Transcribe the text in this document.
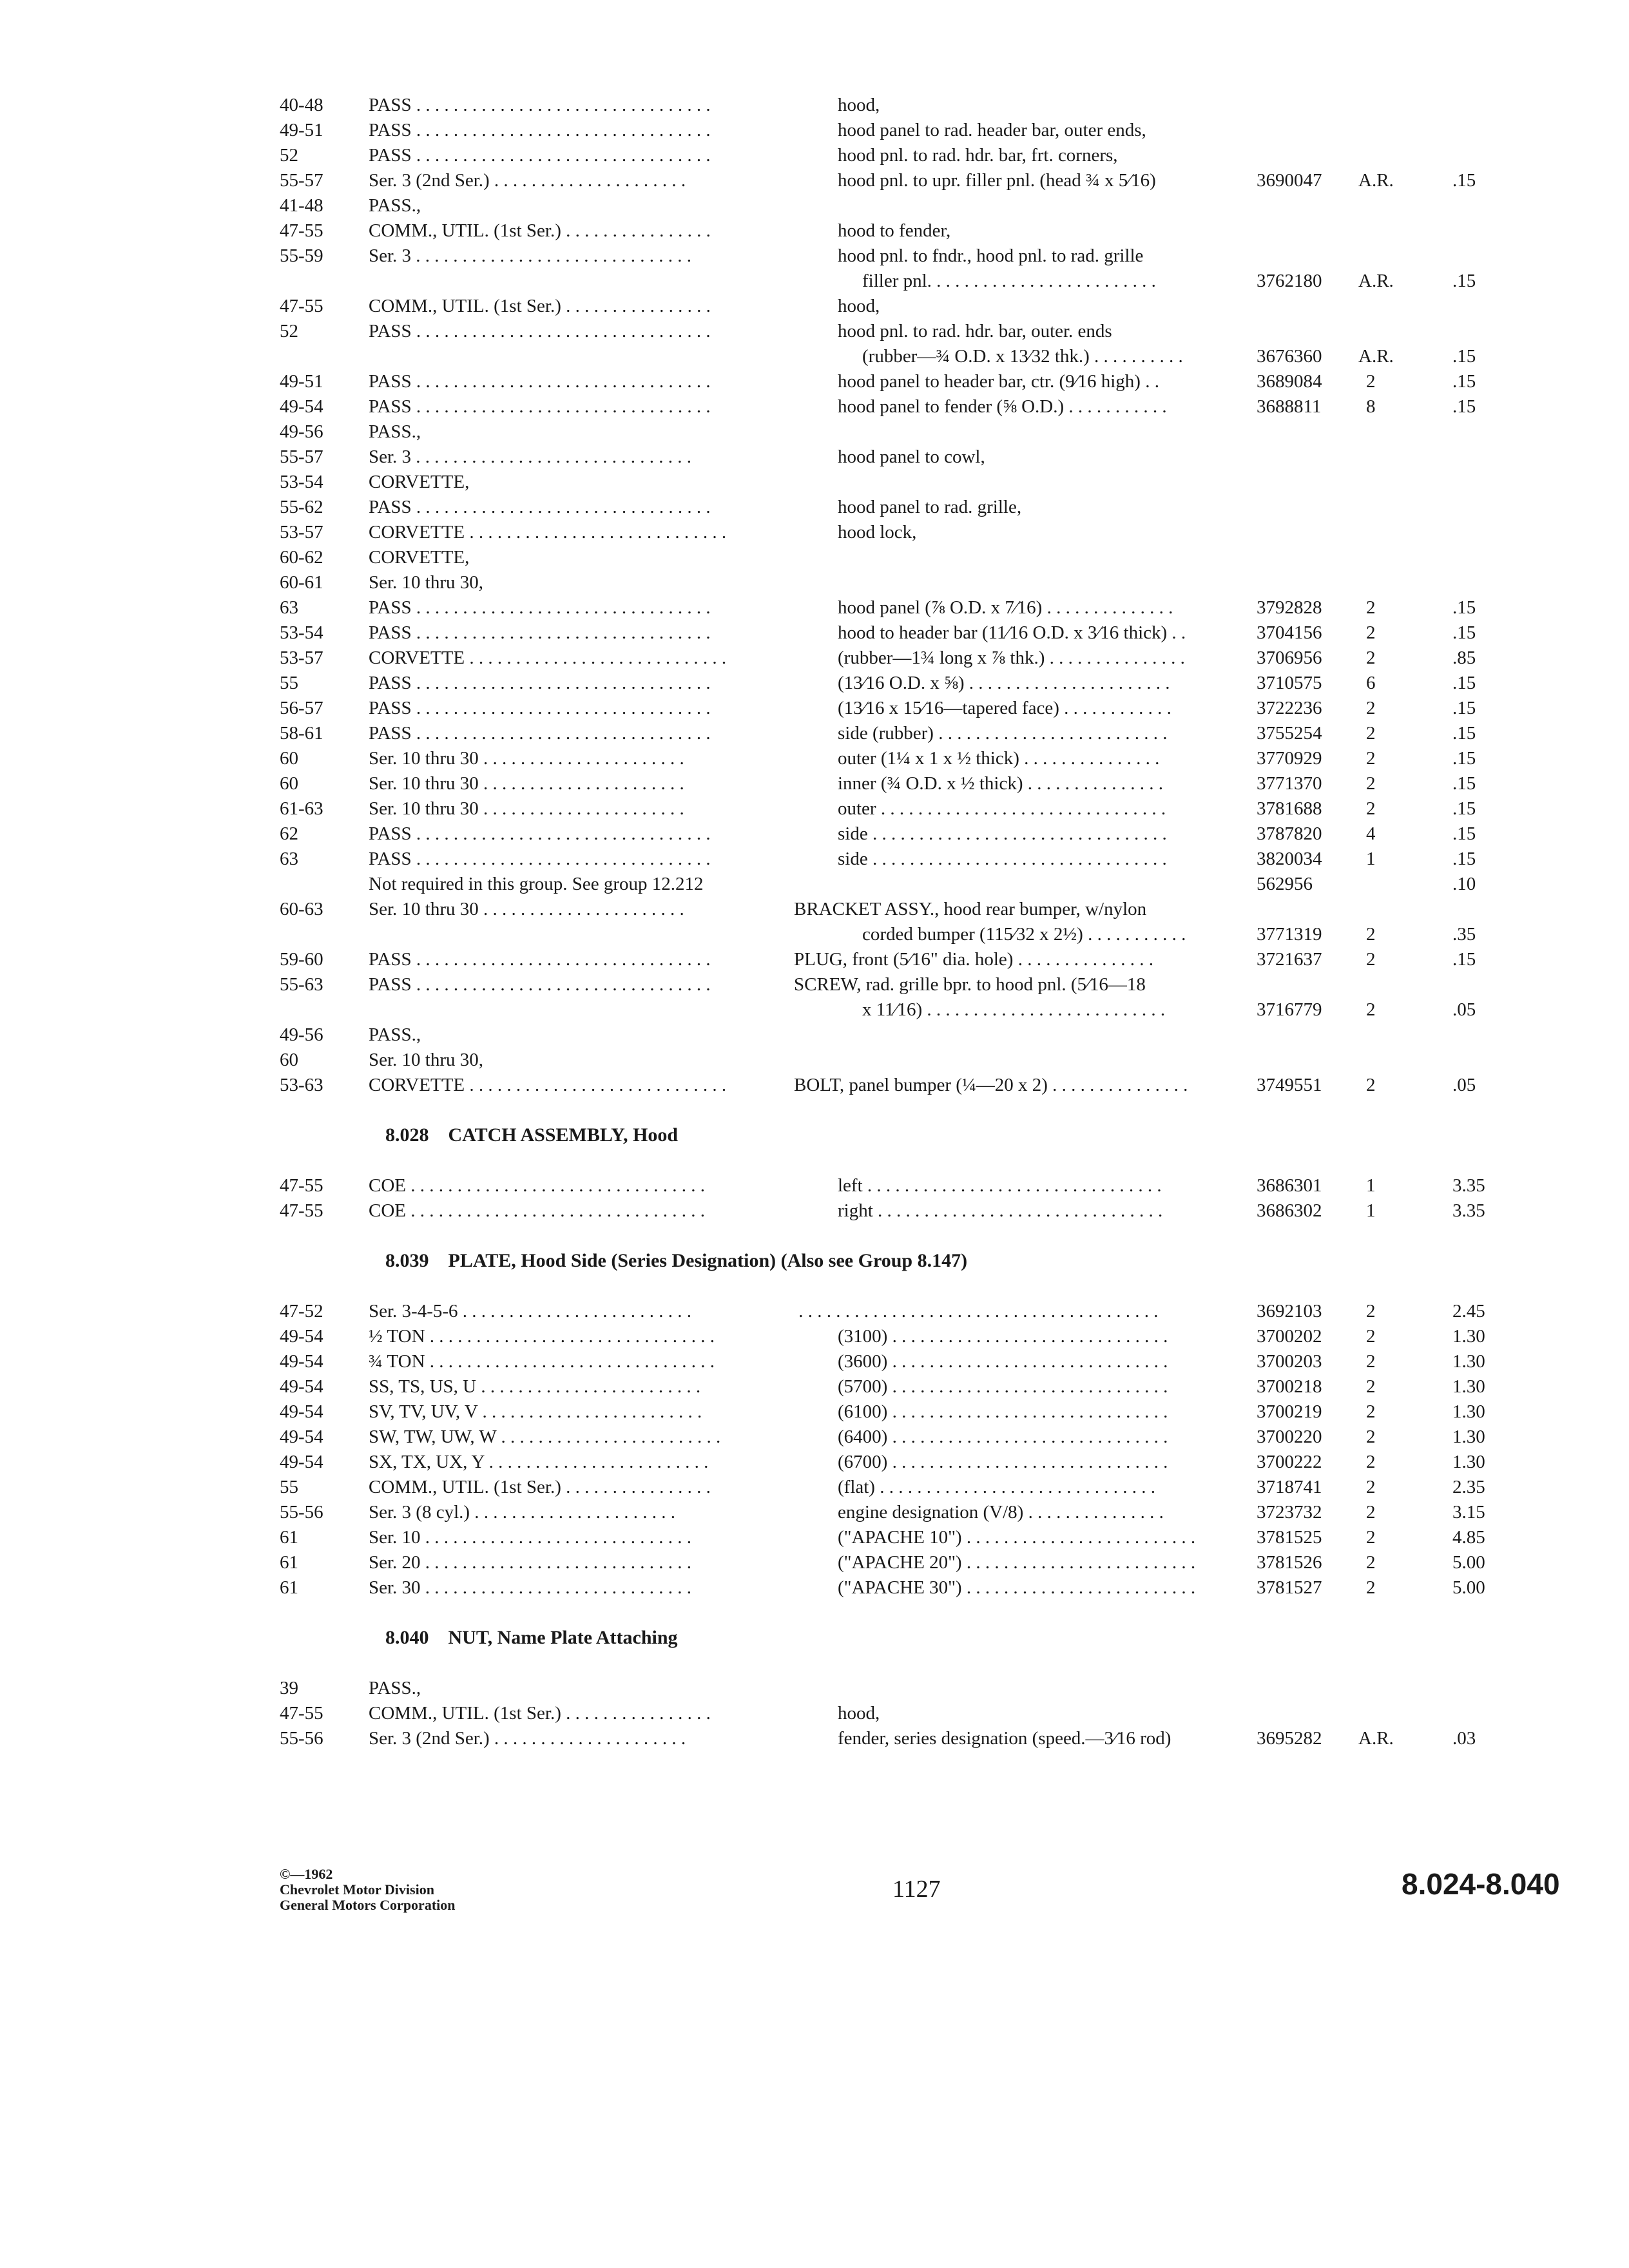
40-48 PASS . . . . . . . . . . . . . . . . . . . . . . . . . . . . . . . .	hood,
49-51 PASS . . . . . . . . . . . . . . . . . . . . . . . . . . . . . . . .	hood panel to rad. header bar, outer ends,
52	PASS . . . . . . . . . . . . . . . . . . . . . . . . . . . . . . . .	hood pnl. to rad. hdr. bar, frt. corners,
55-57 Ser. 3 (2nd Ser.) . . . . . . . . . . . . . . . . . . . . .	hood pnl. to upr. filler pnl. (head ¾ x 5⁄16)	3690047 A.R.	.15
41-48 PASS.,
47-55 COMM., UTIL. (1st Ser.) . . . . . . . . . . . . . . . .	hood to fender,
55-59 Ser. 3 . . . . . . . . . . . . . . . . . . . . . . . . . . . . . .	hood pnl. to fndr., hood pnl. to rad. grille
filler pnl. . . . . . . . . . . . . . . . . . . . . . . . .	3762180 A.R.	.15
47-55 COMM., UTIL. (1st Ser.) . . . . . . . . . . . . . . . .	hood,
52	PASS . . . . . . . . . . . . . . . . . . . . . . . . . . . . . . . .	hood pnl. to rad. hdr. bar, outer. ends
(rubber—¾ O.D. x 13⁄32 thk.) . . . . . . . . . .	3676360 A.R.	.15
49-51 PASS . . . . . . . . . . . . . . . . . . . . . . . . . . . . . . . .	hood panel to header bar, ctr. (9⁄16 high) . .	3689084 2	.15
49-54 PASS . . . . . . . . . . . . . . . . . . . . . . . . . . . . . . . .	hood panel to fender (⅝ O.D.) . . . . . . . . . . .	3688811 8	.15
49-56 PASS.,
55-57 Ser. 3 . . . . . . . . . . . . . . . . . . . . . . . . . . . . . .	hood panel to cowl,
53-54 CORVETTE,
55-62 PASS . . . . . . . . . . . . . . . . . . . . . . . . . . . . . . . .	hood panel to rad. grille,
53-57 CORVETTE . . . . . . . . . . . . . . . . . . . . . . . . . . . .	hood lock,
60-62 CORVETTE,
60-61 Ser. 10 thru 30,
63	PASS . . . . . . . . . . . . . . . . . . . . . . . . . . . . . . . .	hood panel (⅞ O.D. x 7⁄16) . . . . . . . . . . . . . .	3792828 2	.15
53-54 PASS . . . . . . . . . . . . . . . . . . . . . . . . . . . . . . . .	hood to header bar (11⁄16 O.D. x 3⁄16 thick) . .	3704156 2	.15
53-57 CORVETTE . . . . . . . . . . . . . . . . . . . . . . . . . . . .	(rubber—1¾ long x ⅞ thk.) . . . . . . . . . . . . . . .	3706956 2	.85
55	PASS . . . . . . . . . . . . . . . . . . . . . . . . . . . . . . . .	(13⁄16 O.D. x ⅝) . . . . . . . . . . . . . . . . . . . . . .	3710575 6	.15
56-57 PASS . . . . . . . . . . . . . . . . . . . . . . . . . . . . . . . .	(13⁄16 x 15⁄16—tapered face) . . . . . . . . . . . .	3722236 2	.15
58-61 PASS . . . . . . . . . . . . . . . . . . . . . . . . . . . . . . . .	side (rubber) . . . . . . . . . . . . . . . . . . . . . . . . .	3755254 2	.15
60	Ser. 10 thru 30 . . . . . . . . . . . . . . . . . . . . . .	outer (1¼ x 1 x ½ thick) . . . . . . . . . . . . . . .	3770929 2	.15
60	Ser. 10 thru 30 . . . . . . . . . . . . . . . . . . . . . .	inner (¾ O.D. x ½ thick) . . . . . . . . . . . . . . .	3771370 2	.15
61-63 Ser. 10 thru 30 . . . . . . . . . . . . . . . . . . . . . .	outer . . . . . . . . . . . . . . . . . . . . . . . . . . . . . . .	3781688 2	.15
62	PASS . . . . . . . . . . . . . . . . . . . . . . . . . . . . . . . .	side . . . . . . . . . . . . . . . . . . . . . . . . . . . . . . . .	3787820 4	.15
63	PASS . . . . . . . . . . . . . . . . . . . . . . . . . . . . . . . .	side . . . . . . . . . . . . . . . . . . . . . . . . . . . . . . . .	3820034 1	.15
Not required in this group. See group 12.212	562956	.10
60-63 Ser. 10 thru 30 . . . . . . . . . . . . . . . . . . . . . .	BRACKET ASSY., hood rear bumper, w/nylon
corded bumper (115⁄32 x 2½) . . . . . . . . . . .	3771319 2	.35
59-60 PASS . . . . . . . . . . . . . . . . . . . . . . . . . . . . . . . .	PLUG, front (5⁄16" dia. hole) . . . . . . . . . . . . . . .	3721637 2	.15
55-63 PASS . . . . . . . . . . . . . . . . . . . . . . . . . . . . . . . .	SCREW, rad. grille bpr. to hood pnl. (5⁄16—18
x 11⁄16) . . . . . . . . . . . . . . . . . . . . . . . . . .	3716779 2	.05
49-56 PASS.,
60	Ser. 10 thru 30,
53-63 CORVETTE . . . . . . . . . . . . . . . . . . . . . . . . . . . .	BOLT, panel bumper (¼—20 x 2) . . . . . . . . . . . . . . .	3749551 2	.05
8.028 CATCH ASSEMBLY, Hood
47-55 COE . . . . . . . . . . . . . . . . . . . . . . . . . . . . . . . .	left . . . . . . . . . . . . . . . . . . . . . . . . . . . . . . . .	3686301 1	3.35
47-55 COE . . . . . . . . . . . . . . . . . . . . . . . . . . . . . . . .	right . . . . . . . . . . . . . . . . . . . . . . . . . . . . . . .	3686302 1	3.35
8.039 PLATE, Hood Side (Series Designation) (Also see Group 8.147)
47-52 Ser. 3-4-5-6 . . . . . . . . . . . . . . . . . . . . . . . . .	. . . . . . . . . . . . . . . . . . . . . . . . . . . . . . . . . . . . . . .	3692103 2	2.45
49-54 ½ TON . . . . . . . . . . . . . . . . . . . . . . . . . . . . . . .	(3100) . . . . . . . . . . . . . . . . . . . . . . . . . . . . . .	3700202 2	1.30
49-54 ¾ TON . . . . . . . . . . . . . . . . . . . . . . . . . . . . . . .	(3600) . . . . . . . . . . . . . . . . . . . . . . . . . . . . . .	3700203 2	1.30
49-54 SS, TS, US, U . . . . . . . . . . . . . . . . . . . . . . . .	(5700) . . . . . . . . . . . . . . . . . . . . . . . . . . . . . .	3700218 2	1.30
49-54 SV, TV, UV, V . . . . . . . . . . . . . . . . . . . . . . . .	(6100) . . . . . . . . . . . . . . . . . . . . . . . . . . . . . .	3700219 2	1.30
49-54 SW, TW, UW, W . . . . . . . . . . . . . . . . . . . . . . . .	(6400) . . . . . . . . . . . . . . . . . . . . . . . . . . . . . .	3700220 2	1.30
49-54 SX, TX, UX, Y . . . . . . . . . . . . . . . . . . . . . . . .	(6700) . . . . . . . . . . . . . . . . . . . . . . . . . . . . . .	3700222 2	1.30
55	COMM., UTIL. (1st Ser.) . . . . . . . . . . . . . . . .	(flat) . . . . . . . . . . . . . . . . . . . . . . . . . . . . . .	3718741 2	2.35
55-56 Ser. 3 (8 cyl.) . . . . . . . . . . . . . . . . . . . . . .	engine designation (V/8) . . . . . . . . . . . . . . .	3723732 2	3.15
61	Ser. 10 . . . . . . . . . . . . . . . . . . . . . . . . . . . . .	("APACHE 10") . . . . . . . . . . . . . . . . . . . . . . . . .	3781525 2	4.85
61	Ser. 20 . . . . . . . . . . . . . . . . . . . . . . . . . . . . .	("APACHE 20") . . . . . . . . . . . . . . . . . . . . . . . . .	3781526 2	5.00
61	Ser. 30 . . . . . . . . . . . . . . . . . . . . . . . . . . . . .	("APACHE 30") . . . . . . . . . . . . . . . . . . . . . . . . .	3781527 2	5.00
8.040 NUT, Name Plate Attaching
39	PASS.,
47-55 COMM., UTIL. (1st Ser.) . . . . . . . . . . . . . . . .	hood,
55-56 Ser. 3 (2nd Ser.) . . . . . . . . . . . . . . . . . . . . .	fender, series designation (speed.—3⁄16 rod)	3695282 A.R.	.03
©—1962
Chevrolet Motor Division
General Motors Corporation
1127	8.024-8.040
